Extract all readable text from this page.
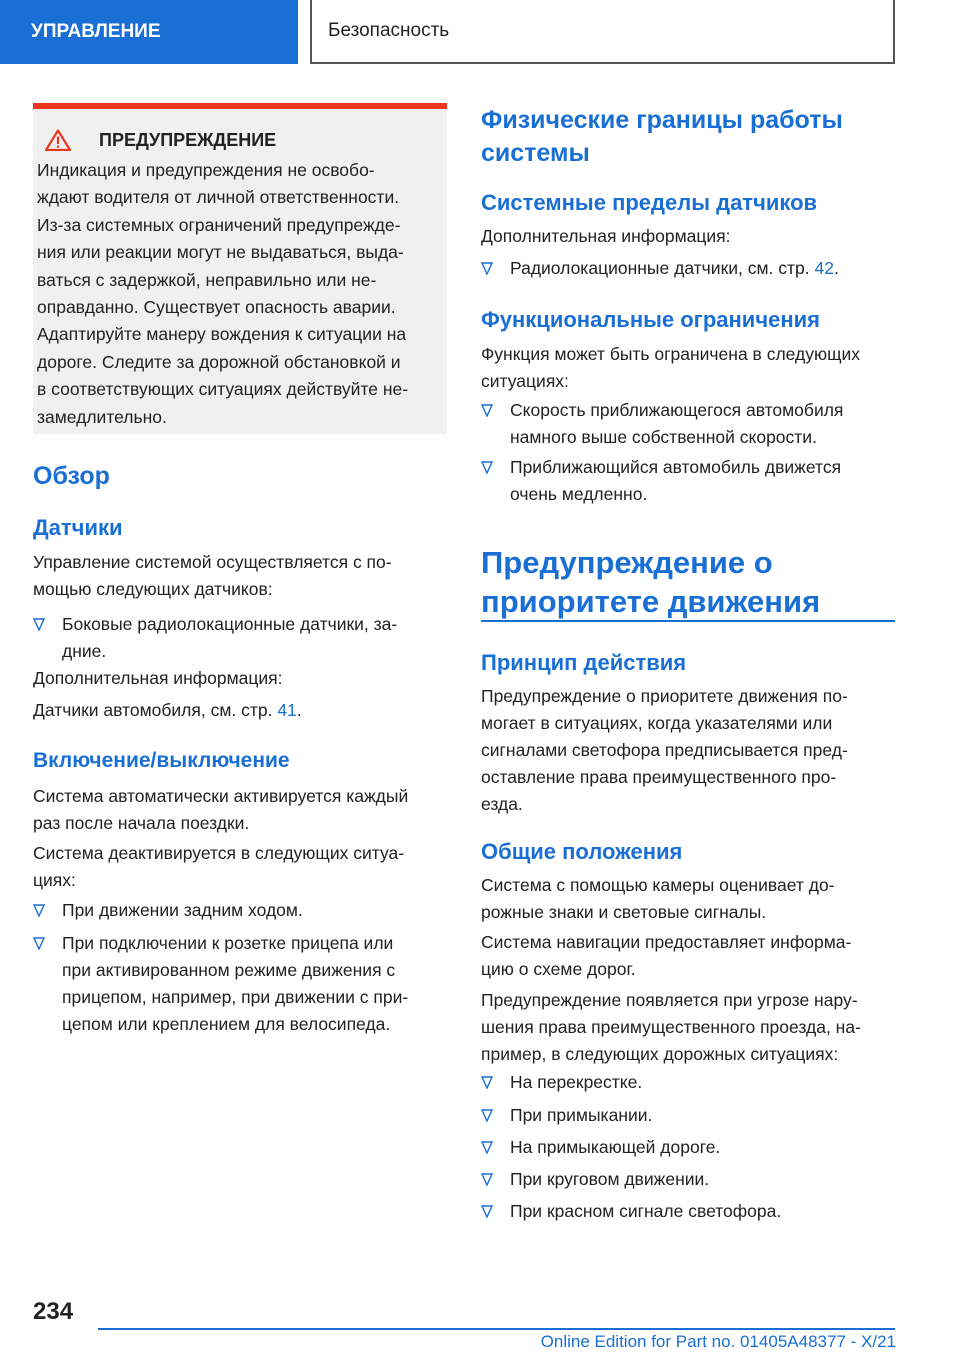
УПРАВЛЕНИЕ	Безопасность
ПРЕДУПРЕЖДЕНИЕ
Индикация и предупреждения не освобо-
ждают водителя от личной ответственности.
Из-за системных ограничений предупрежде-
ния или реакции могут не выдаваться, выда-
ваться с задержкой, неправильно или не-
оправданно. Существует опасность аварии.
Адаптируйте манеру вождения к ситуации на
дороге. Следите за дорожной обстановкой и
в соответствующих ситуациях действуйте не-
замедлительно.
Обзор
Датчики
Управление системой осуществляется с по-
мощью следующих датчиков:
Боковые радиолокационные датчики, за-
дние.
Дополнительная информация:
Датчики автомобиля, см. стр. 41.
Включение/выключение
Система автоматически активируется каждый
раз после начала поездки.
Система деактивируется в следующих ситуа-
циях:
При движении задним ходом.
При подключении к розетке прицепа или
при активированном режиме движения с
прицепом, например, при движении с при-
цепом или креплением для велосипеда.
Физические границы работы
системы
Системные пределы датчиков
Дополнительная информация:
Радиолокационные датчики, см. стр. 42.
Функциональные ограничения
Функция может быть ограничена в следующих
ситуациях:
Скорость приближающегося автомобиля
намного выше собственной скорости.
Приближающийся автомобиль движется
очень медленно.
Предупреждение о
приоритете движения
Принцип действия
Предупреждение о приоритете движения по-
могает в ситуациях, когда указателями или
сигналами светофора предписывается пред-
оставление права преимущественного про-
езда.
Общие положения
Система с помощью камеры оценивает до-
рожные знаки и световые сигналы.
Система навигации предоставляет информа-
цию о схеме дорог.
Предупреждение появляется при угрозе нару-
шения права преимущественного проезда, на-
пример, в следующих дорожных ситуациях:
На перекрестке.
При примыкании.
На примыкающей дороге.
При круговом движении.
При красном сигнале светофора.
234
Online Edition for Part no. 01405A48377 - X/21
